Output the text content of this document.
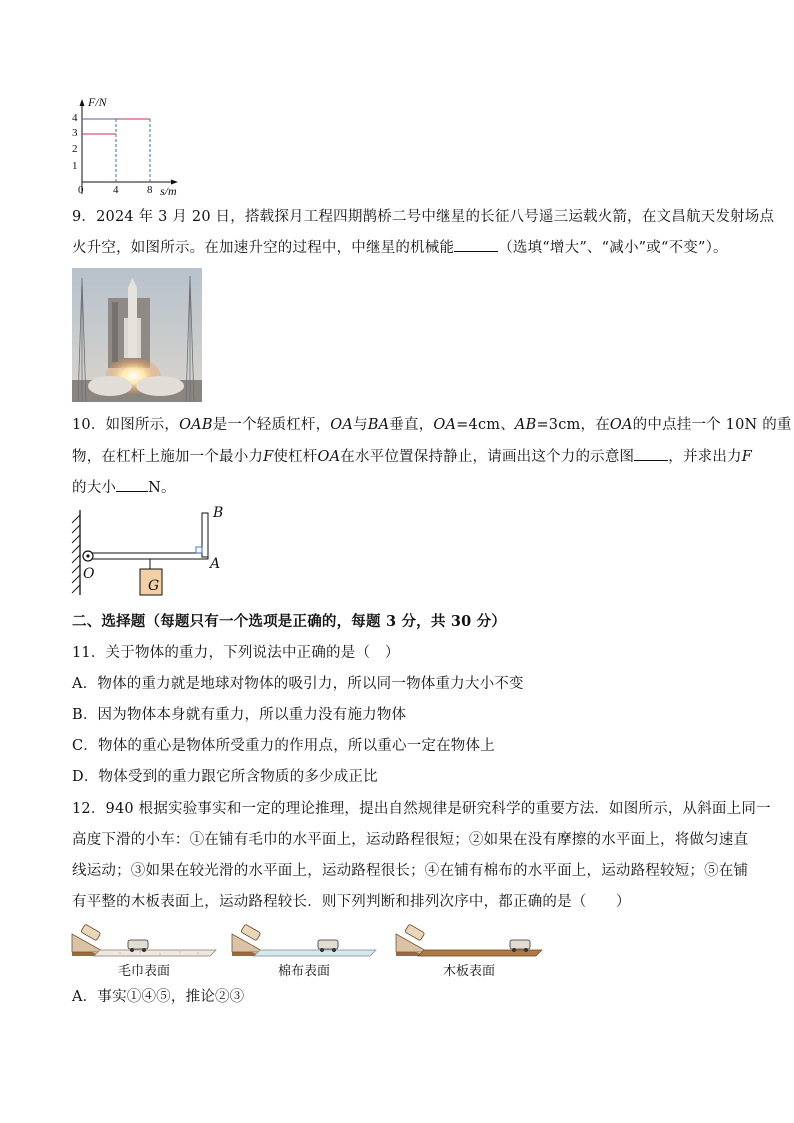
F/N
4
3
2
1
0	4	8 s/m
9．2024 年 3 月 20 日，搭载探月工程四期鹊桥二号中继星的长征八号遥三运载火箭，在文昌航天发射场点
火升空，如图所示。在加速升空的过程中，中继星的机械能	（选填“增大”、“减小”或“不变”）。
10．如图所示，OAB是一个轻质杠杆，OA与BA垂直，OA=4cm、AB=3cm，在OA的中点挂一个 10N 的重
物，在杠杆上施加一个最小力F使杠杆OA在水平位置保持静止，请画出这个力的示意图 ，并求出力F
的大小 N。
B
A
O
G
二、选择题（每题只有一个选项是正确的，每题 3 分，共 30 分）
11．关于物体的重力，下列说法中正确的是（　）
A．物体的重力就是地球对物体的吸引力，所以同一物体重力大小不变
B．因为物体本身就有重力，所以重力没有施力物体
C．物体的重心是物体所受重力的作用点，所以重心一定在物体上
D．物体受到的重力跟它所含物质的多少成正比
12．940 根据实验事实和一定的理论推理，提出自然规律是研究科学的重要方法．如图所示，从斜面上同一
高度下滑的小车：①在铺有毛巾的水平面上，运动路程很短；②如果在没有摩擦的水平面上，将做匀速直
线运动；③如果在较光滑的水平面上，运动路程很长；④在铺有棉布的水平面上，运动路程较短；⑤在铺
有平整的木板表面上，运动路程较长．则下列判断和排列次序中，都正确的是（　　）
毛巾表面	棉布表面	木板表面
A．事实①④⑤，推论②③
